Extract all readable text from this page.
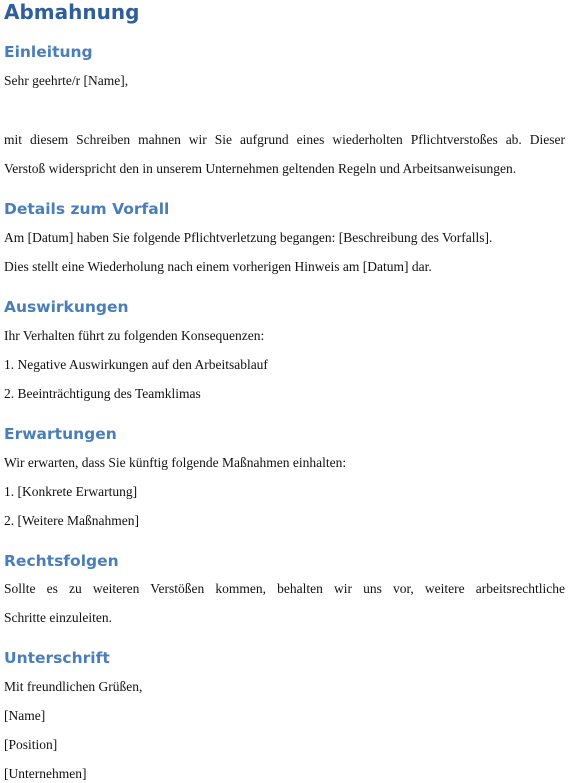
Abmahnung
Einleitung

Sehr geehrte/r [Name],

mit diesem Schreiben mahnen wir Sie aufgrund eines wiederholten Pflichtverstoßes ab. Dieser

Verstoß widerspricht den in unserem Unternehmen geltenden Regeln und Arbeitsanweisungen.

Details zum Vorfall

Am [Datum] haben Sie folgende Pflichtverletzung begangen: [Beschreibung des Vorfalls].

Dies stellt eine Wiederholung nach einem vorherigen Hinweis am [Datum] dar.

Auswirkungen

Ihr Verhalten führt zu folgenden Konsequenzen:

1. Negative Auswirkungen auf den Arbeitsablauf

2. Beeinträchtigung des Teamklimas

Erwartungen

Wir erwarten, dass Sie künftig folgende Maßnahmen einhalten:

1. [Konkrete Erwartung]

2. [Weitere Maßnahmen]

Rechtsfolgen

Sollte es zu weiteren Verstößen kommen, behalten wir uns vor, weitere arbeitsrechtliche

Schritte einzuleiten.

Unterschrift

Mit freundlichen Grüßen,

[Name]

[Position]

[Unternehmen]
